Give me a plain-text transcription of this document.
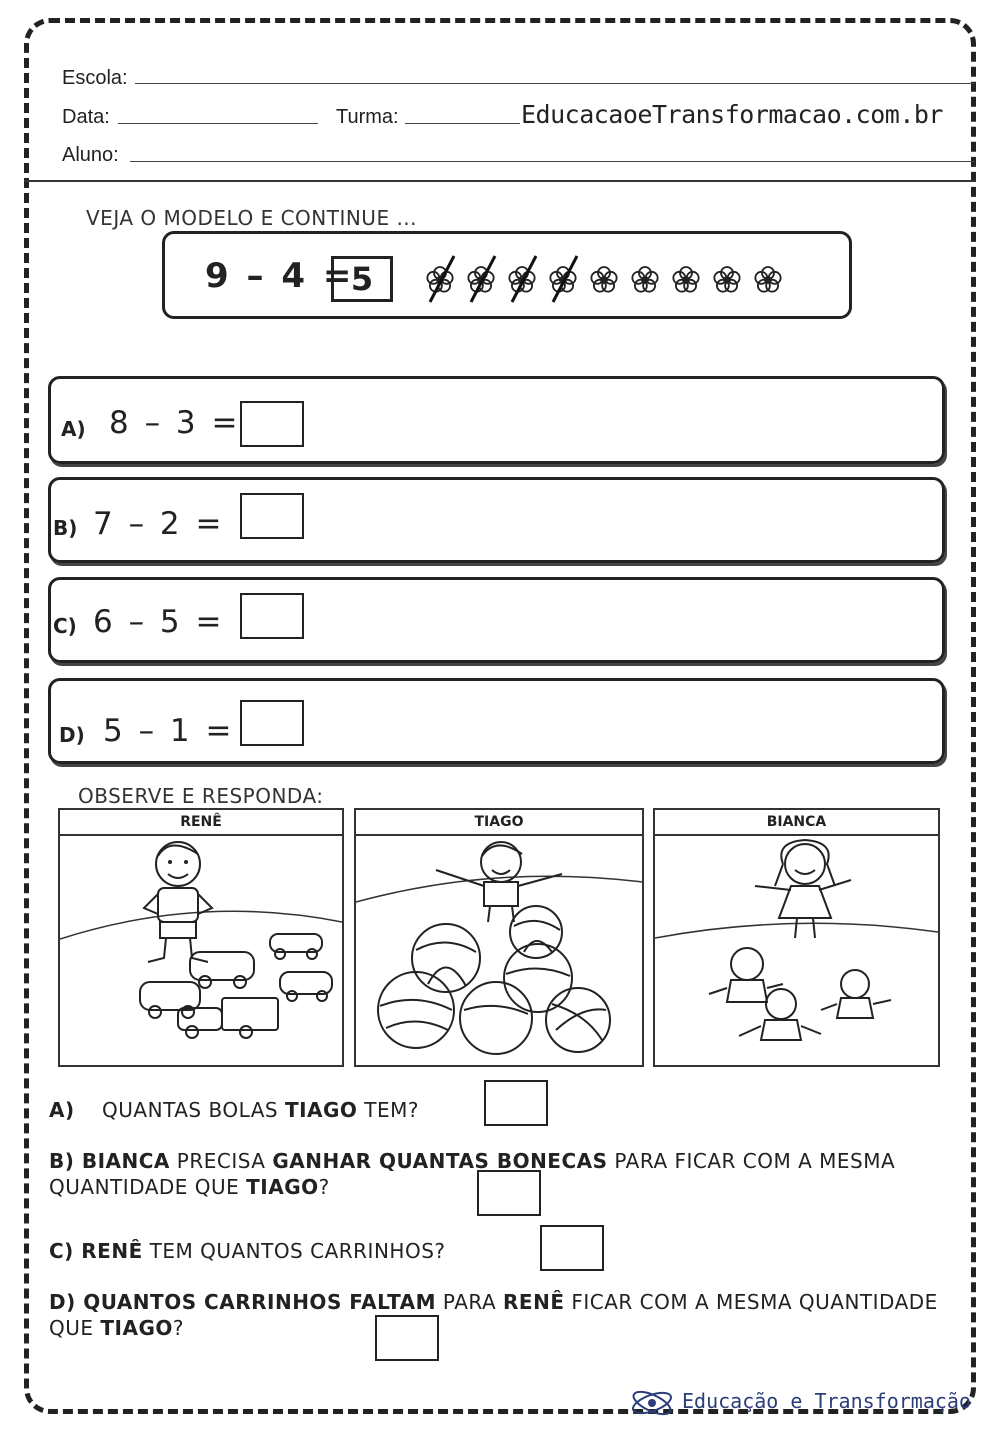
Escola:
Data:	Turma:	EducacaoeTransformacao.com.br
Aluno:
VEJA O MODELO E CONTINUE ...
9 – 4 =
5
A) 8 – 3 =
B) 7 – 2 =
C) 6 – 5 =
D) 5 – 1 =
OBSERVE E RESPONDA:
RENÊ	TIAGO	BIANCA
A)    QUANTAS BOLAS TIAGO TEM?
B) BIANCA PRECISA GANHAR QUANTAS BONECAS PARA FICAR COM A MESMA QUANTIDADE QUE TIAGO?
C) RENÊ TEM QUANTOS CARRINHOS?
D) QUANTOS CARRINHOS FALTAM PARA RENÊ FICAR COM A MESMA QUANTIDADE QUE TIAGO?
Educação e Transformação
